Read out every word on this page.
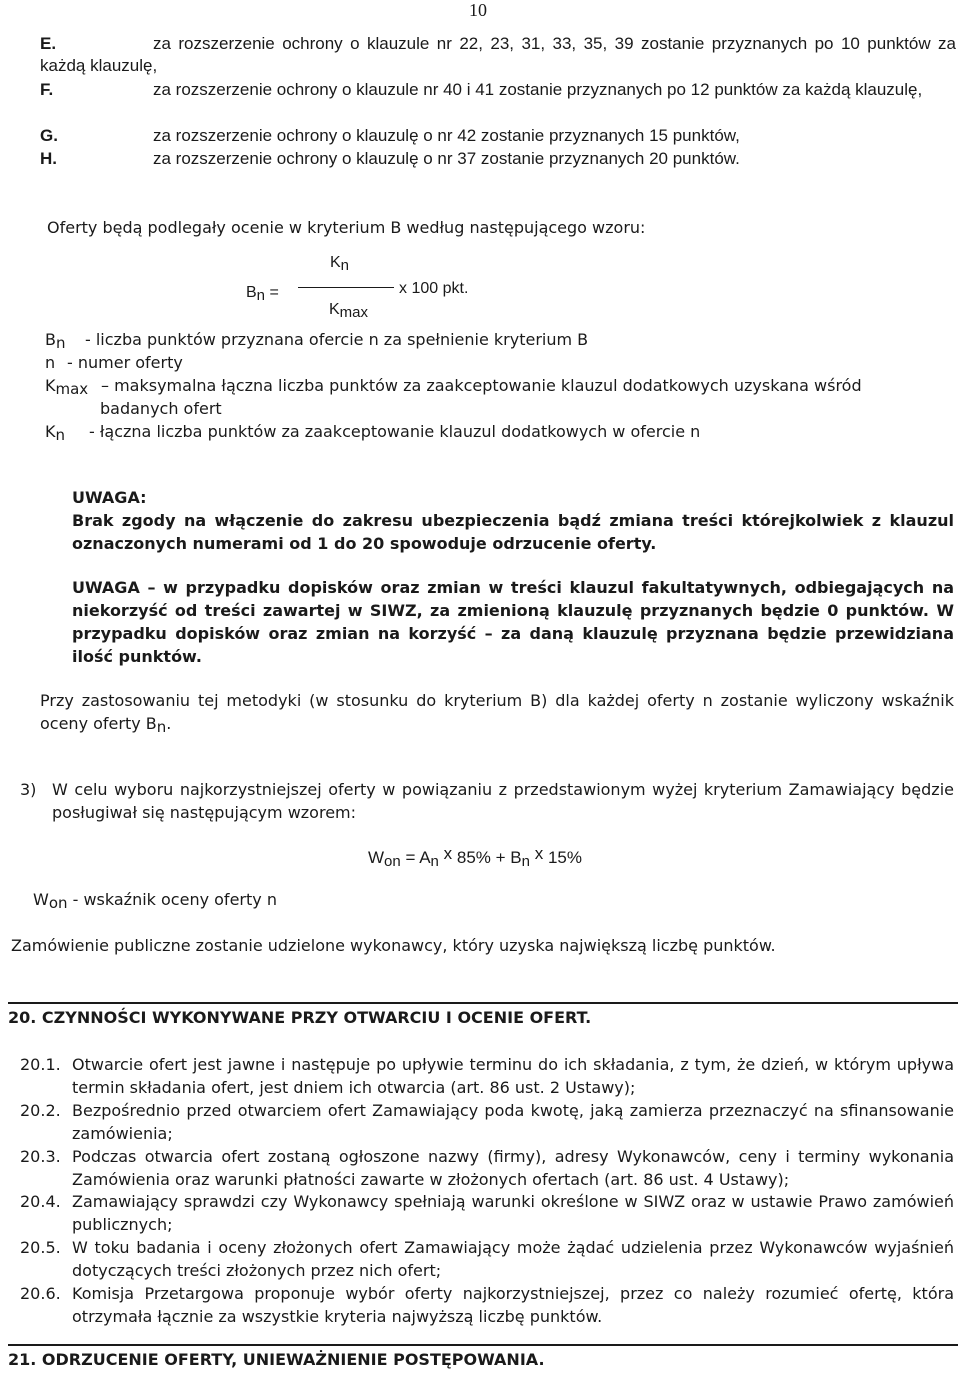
10
E.	za rozszerzenie ochrony o klauzule nr 22, 23, 31, 33, 35, 39 zostanie przyznanych po 10 punktów za każdą klauzulę,
F.	za rozszerzenie ochrony o klauzule nr 40 i 41 zostanie przyznanych po 12 punktów za każdą klauzulę,
G.	za rozszerzenie ochrony o klauzulę o nr 42 zostanie przyznanych 15 punktów,
H.	za rozszerzenie ochrony o klauzulę o nr 37 zostanie przyznanych 20 punktów.
Oferty będą podlegały ocenie w kryterium B według następującego wzoru:
$K_n$
$B_n$ =	x 100 pkt.
$K_{max}$
$B_n$ - liczba punktów przyznana ofercie n za spełnienie kryterium B
n - numer oferty
$K_{max}$ – maksymalna łączna liczba punktów za zaakceptowanie klauzul dodatkowych uzyskana wśród
badanych ofert
$K_n$ - łączna liczba punktów za zaakceptowanie klauzul dodatkowych w ofercie n
UWAGA:
Brak zgody na włączenie do zakresu ubezpieczenia bądź zmiana treści którejkolwiek z klauzul oznaczonych numerami od 1 do 20 spowoduje odrzucenie oferty.
UWAGA – w przypadku dopisków oraz zmian w treści klauzul fakultatywnych, odbiegających na niekorzyść od treści zawartej w SIWZ, za zmienioną klauzulę przyznanych będzie 0 punktów. W przypadku dopisków oraz zmian na korzyść – za daną klauzulę przyznana będzie przewidziana ilość punktów.
Przy zastosowaniu tej metodyki (w stosunku do kryterium B) dla każdej oferty n zostanie wyliczony wskaźnik oceny oferty $B_n$.
3) W celu wyboru najkorzystniejszej oferty w powiązaniu z przedstawionym wyżej kryterium Zamawiający będzie posługiwał się następującym wzorem:
$W_{on} = A_n$ x $85\% + B_n$ x 15%
$W_{on}$ - wskaźnik oceny oferty n
Zamówienie publiczne zostanie udzielone wykonawcy, który uzyska największą liczbę punktów.
20. CZYNNOŚCI WYKONYWANE PRZY OTWARCIU I OCENIE OFERT.
20.1. Otwarcie ofert jest jawne i następuje po upływie terminu do ich składania, z tym, że dzień, w którym upływa termin składania ofert, jest dniem ich otwarcia (art. 86 ust. 2 Ustawy);
20.2. Bezpośrednio przed otwarciem ofert Zamawiający poda kwotę, jaką zamierza przeznaczyć na sfinansowanie zamówienia;
20.3. Podczas otwarcia ofert zostaną ogłoszone nazwy (firmy), adresy Wykonawców, ceny i terminy wykonania Zamówienia oraz warunki płatności zawarte w złożonych ofertach (art. 86 ust. 4 Ustawy);
20.4. Zamawiający sprawdzi czy Wykonawcy spełniają warunki określone w SIWZ oraz w ustawie Prawo zamówień publicznych;
20.5. W toku badania i oceny złożonych ofert Zamawiający może żądać udzielenia przez Wykonawców wyjaśnień dotyczących treści złożonych przez nich ofert;
20.6. Komisja Przetargowa proponuje wybór oferty najkorzystniejszej, przez co należy rozumieć ofertę, która otrzymała łącznie za wszystkie kryteria najwyższą liczbę punktów.
21. ODRZUCENIE OFERTY, UNIEWAŻNIENIE POSTĘPOWANIA.
